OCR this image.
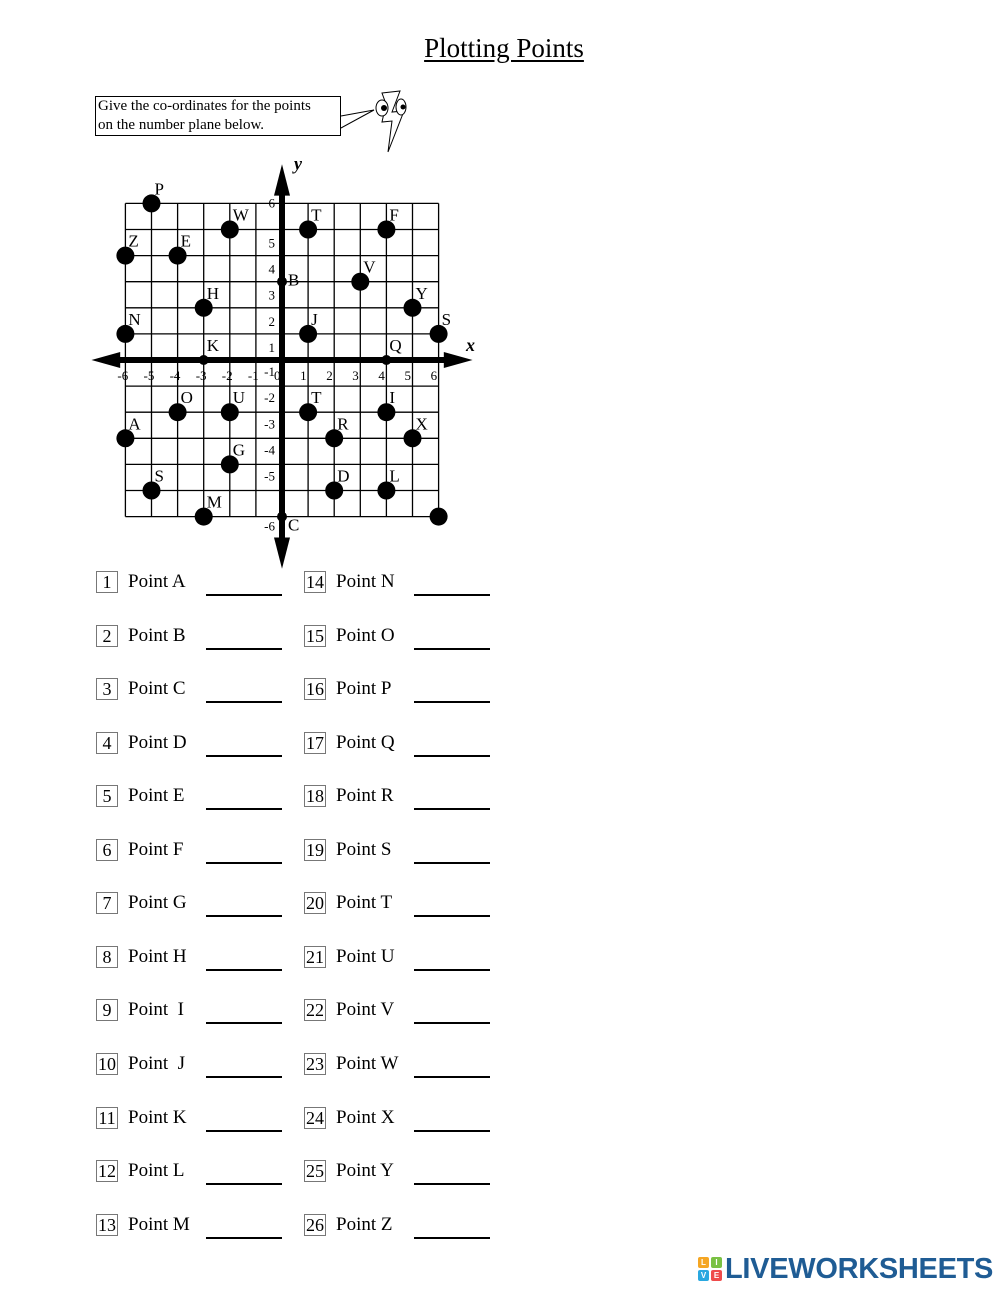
Plotting Points
Give the co-ordinates for the points
on the number plane below.
x
y
-6 -5 -4 -3 -2 -1 0 1 2 3 4 5 6
6
5
4
3
2
1
-1
-2
-3
-4
-5
-6
P
W	T	F
Z E
B
V
H	Y
N	J	S
K	Q
O U	T	I
A	R	X
G
S	D L
M
C
1 Point A
2 Point B
3 Point C
4 Point D
5 Point E
6 Point F
7 Point G
8 Point H
9 Point  I
10 Point  J
11 Point K
12 Point L
13 Point M
14 Point N
15 Point O
16 Point P
17 Point Q
18 Point R
19 Point S
20 Point T
21 Point U
22 Point V
23 Point W
24 Point X
25 Point Y
26 Point Z
L	I
V E LIVEWORKSHEETS
